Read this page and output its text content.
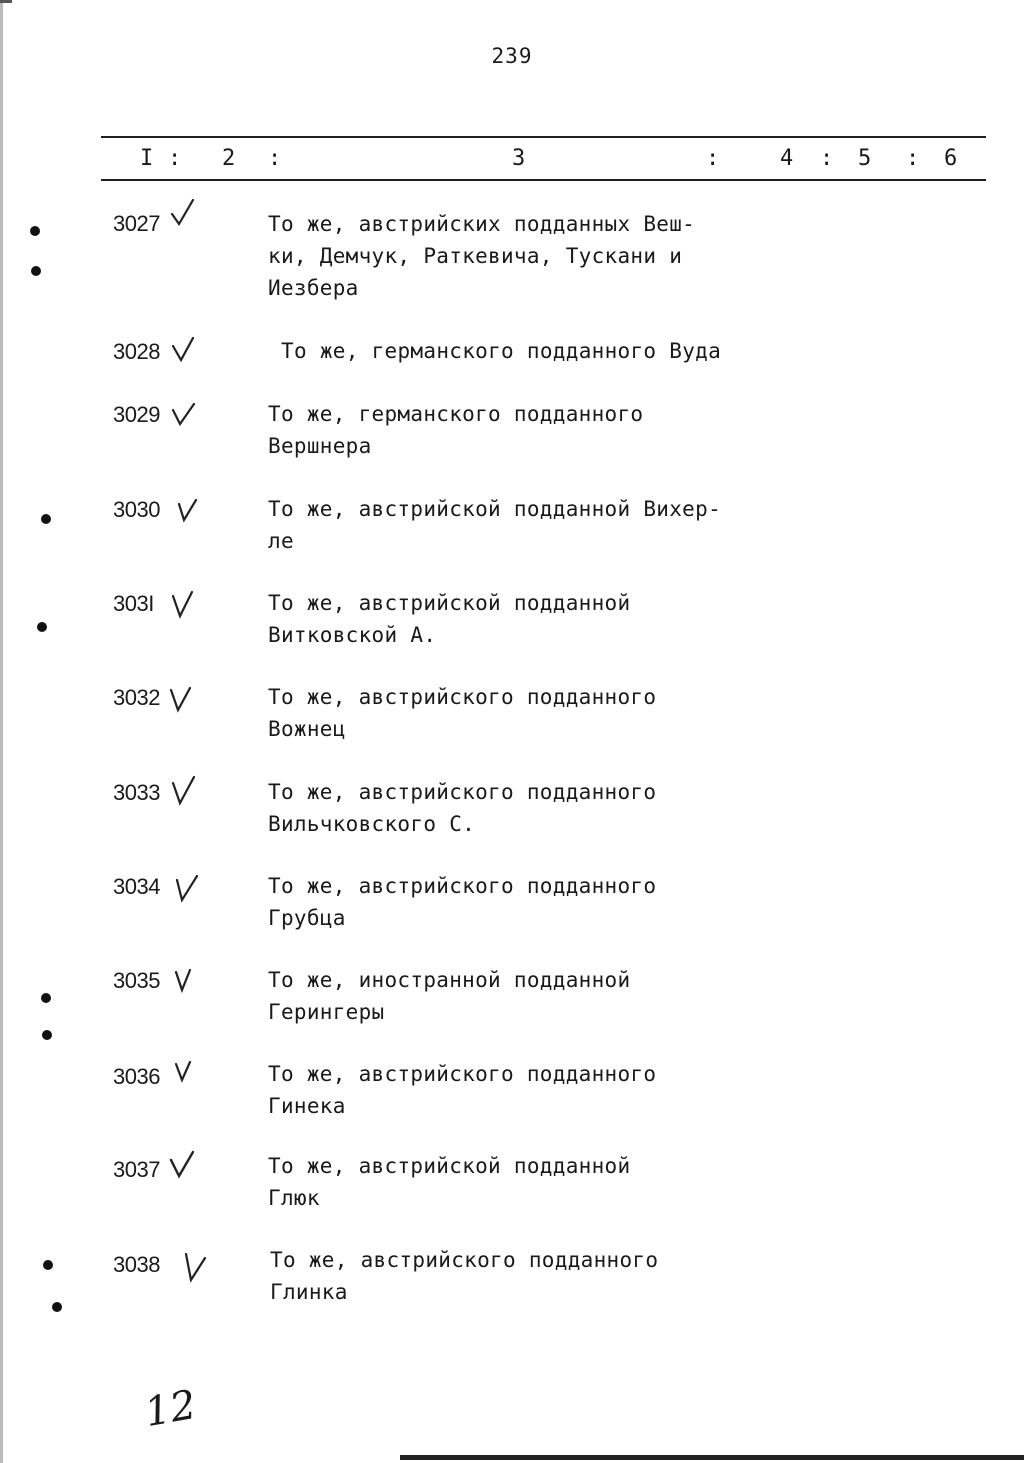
239
I : 2 :	3	:	4 : 5 : 6
3027	То же, австрийских подданных Веш-
ки, Демчук, Раткевича, Тускани и
Иезбера
3028	То же, германского подданного Вуда
3029	То же, германского подданного
Вершнера
3030	То же, австрийской подданной Вихер-
ле
303I	То же, австрийской подданной
Витковской А.
3032	То же, австрийского подданного
Вожнец
3033	То же, австрийского подданного
Вильчковского С.
3034	То же, австрийского подданного
Грубца
3035	То же, иностранной подданной
Герингеры
3036	То же, австрийского подданного
Гинека
3037	То же, австрийской подданной
Глюк
3038	То же, австрийского подданного
Глинка
12
